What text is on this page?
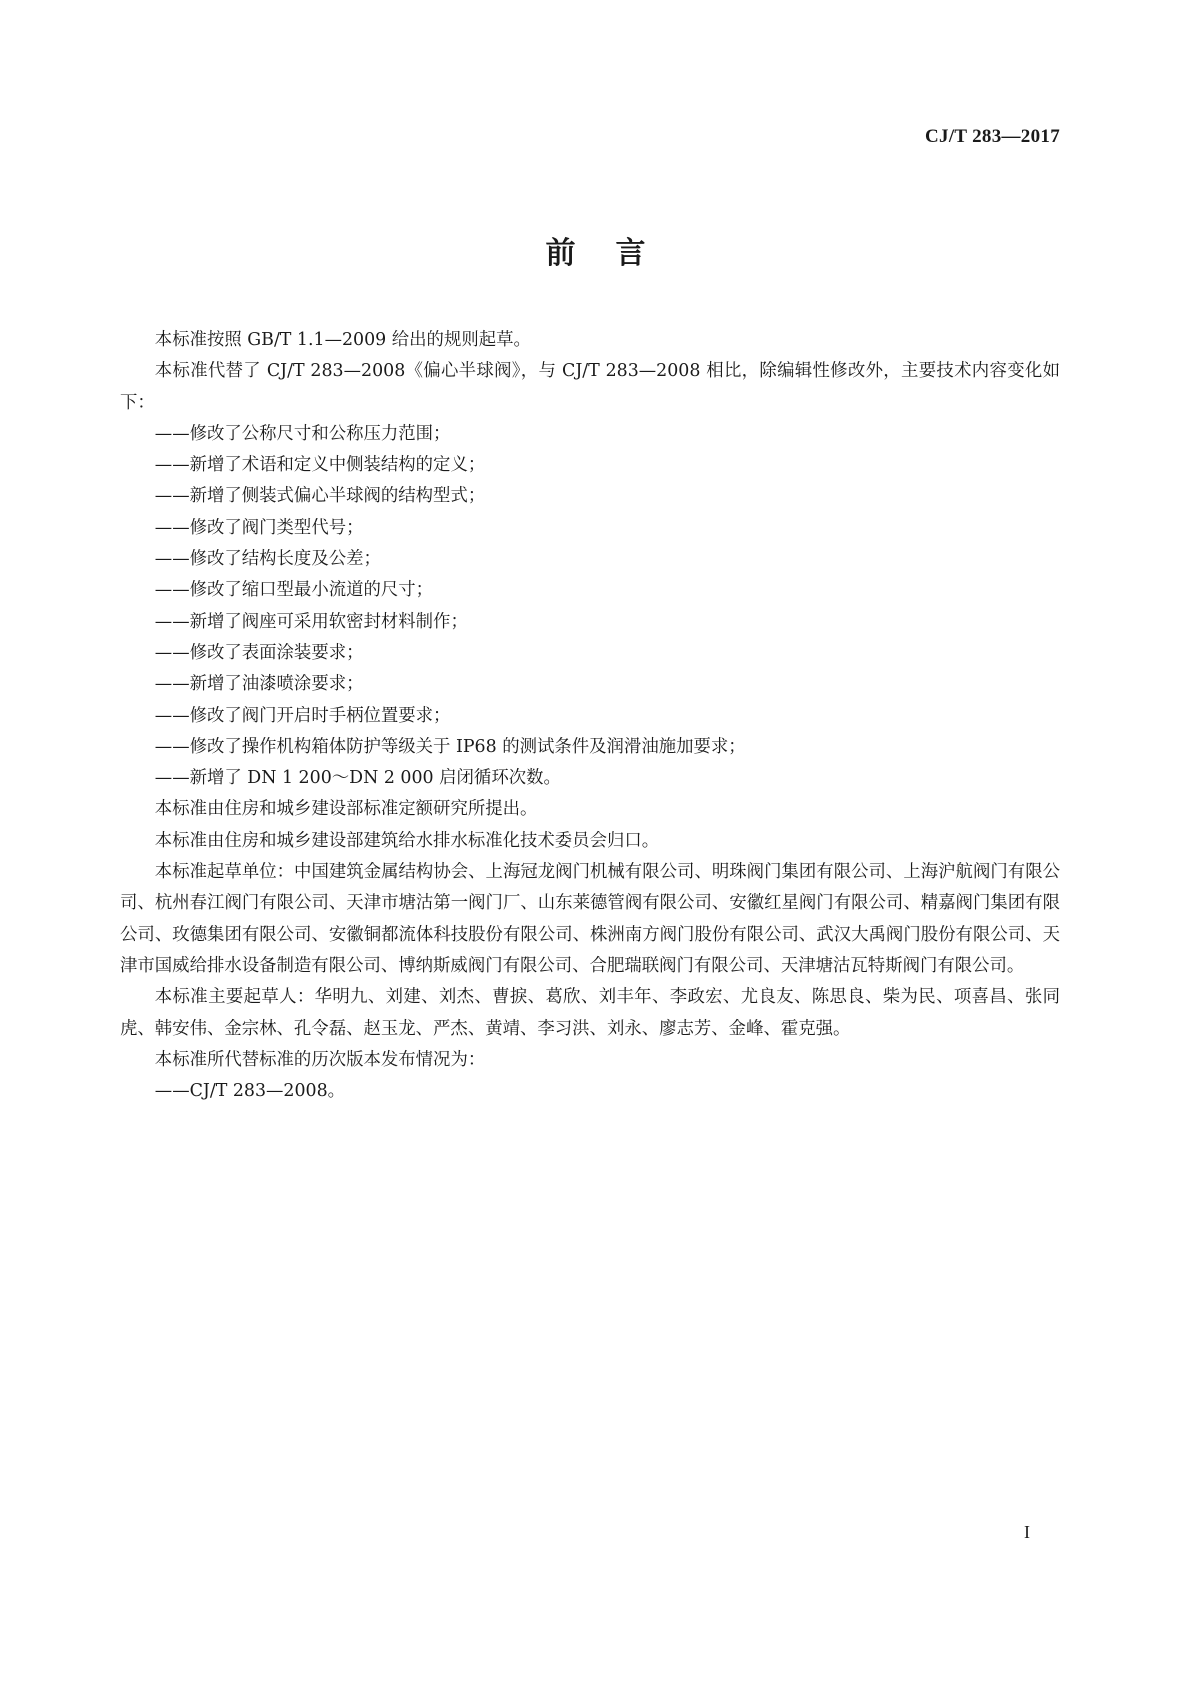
CJ/T 283—2017
前言

本标准按照 GB/T 1.1—2009 给出的规则起草。

本标准代替了 CJ/T 283—2008《偏心半球阀》，与 CJ/T 283—2008 相比，除编辑性修改外，主要技术内容变化如下：

——修改了公称尺寸和公称压力范围；

——新增了术语和定义中侧装结构的定义；

——新增了侧装式偏心半球阀的结构型式；

——修改了阀门类型代号；

——修改了结构长度及公差；

——修改了缩口型最小流道的尺寸；

——新增了阀座可采用软密封材料制作；

——修改了表面涂装要求；

——新增了油漆喷涂要求；

——修改了阀门开启时手柄位置要求；

——修改了操作机构箱体防护等级关于 IP68 的测试条件及润滑油施加要求；

——新增了 DN 1 200～DN 2 000 启闭循环次数。

本标准由住房和城乡建设部标准定额研究所提出。

本标准由住房和城乡建设部建筑给水排水标准化技术委员会归口。

本标准起草单位：中国建筑金属结构协会、上海冠龙阀门机械有限公司、明珠阀门集团有限公司、上海沪航阀门有限公司、杭州春江阀门有限公司、天津市塘沽第一阀门厂、山东莱德管阀有限公司、安徽红星阀门有限公司、精嘉阀门集团有限公司、玫德集团有限公司、安徽铜都流体科技股份有限公司、株洲南方阀门股份有限公司、武汉大禹阀门股份有限公司、天津市国威给排水设备制造有限公司、博纳斯威阀门有限公司、合肥瑞联阀门有限公司、天津塘沽瓦特斯阀门有限公司。

本标准主要起草人：华明九、刘建、刘杰、曹捩、葛欣、刘丰年、李政宏、尤良友、陈思良、柴为民、项喜昌、张同虎、韩安伟、金宗林、孔令磊、赵玉龙、严杰、黄靖、李习洪、刘永、廖志芳、金峰、霍克强。

本标准所代替标准的历次版本发布情况为：

——CJ/T 283—2008。

I
